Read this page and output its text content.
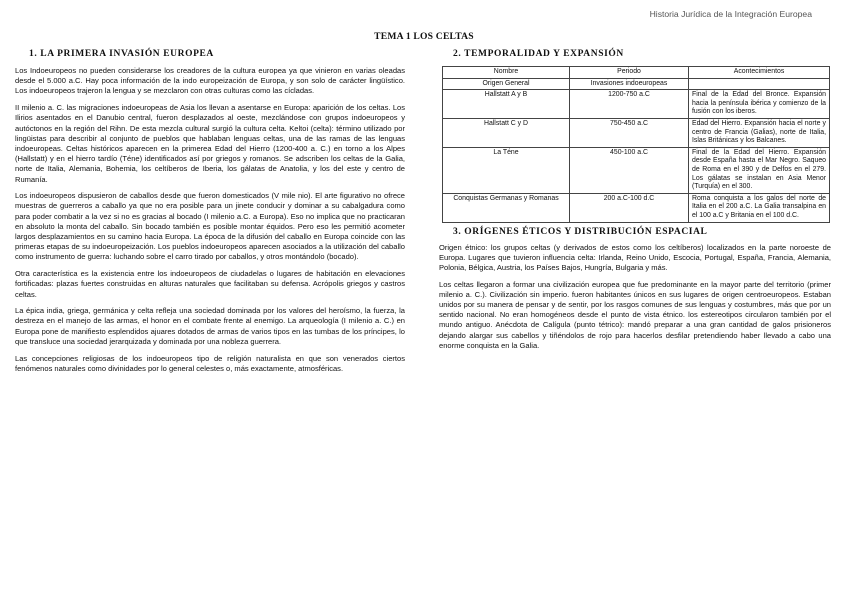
Historia Jurídica de la Integración Europea
TEMA 1 LOS CELTAS
1. LA PRIMERA INVASIÓN EUROPEA

Los Indoeuropeos no pueden considerarse los creadores de la cultura europea ya que vinieron en varias oleadas desde el 5.000 a.C. Hay poca información de la indo europeización de Europa, y son solo de carácter lingüístico. Los indoeuropeos trajeron la lengua y se mezclaron con otras culturas como las cícladas.

II milenio a. C. las migraciones indoeuropeas de Asia los llevan a asentarse en Europa: aparición de los celtas. Los Ilirios asentados en el Danubio central, fueron desplazados al oeste, mezclándose con grupos indoeuropeos y autóctonos en la región del Rihn. De esta mezcla cultural surgió la cultura celta. Keltoi (celta): término utilizado por lingüistas para describir al conjunto de pueblos que hablaban lenguas celtas, una de las ramas de las lenguas indoeuropeas. Celtas históricos aparecen en la primerea Edad del Hierro (1200-400 a. C.) en torno a los Alpes (Hallstatt) y en el hierro tardío (Téne) identificados así por griegos y romanos. Se adscriben los celtas de la Galia, norte de Italia, Alemania, Bohemia, los celtíberos de Iberia, los gálatas de Anatolia, y los del este y centro de Rumanía.

Los indoeuropeos dispusieron de caballos desde que fueron domesticados (V mile nio). El arte figurativo no ofrece muestras de guerreros a caballo ya que no era posible para un jinete conducir y dominar a su cabalgadura como para poder combatir a la vez si no es gracias al bocado (I milenio a.C. a Europa). Eso no implica que no practicaran en absoluto la monta del caballo. Sin bocado también es posible montar équidos. Pero eso les permitió acometer largos desplazamientos en su camino hacia Europa. La época de la difusión del caballo en Europa coincide con las primeras etapas de su indoeuropeización. Los pueblos indoeuropeos aparecen asociados a la utilización del caballo como instrumento de guerra: luchando sobre el carro tirado por caballos, y otros montándolo (bocado).

Otra característica es la existencia entre los indoeuropeos de ciudadelas o lugares de habitación en elevaciones fortificadas: plazas fuertes construidas en alturas naturales que facilitaban su defensa. Acrópolis griegos y castros celtas.

La épica india, griega, germánica y celta refleja una sociedad dominada por los valores del heroísmo, la fuerza, la destreza en el manejo de las armas, el honor en el combate frente al enemigo. La arqueología (I milenio a. C.) en Europa pone de manifiesto esplendidos ajuares dotados de armas de varios tipos en las tumbas de los príncipes, lo que transluce una sociedad jerarquizada y dominada por una nobleza guerrera.

Las concepciones religiosas de los indoeuropeos tipo de religión naturalista en que son venerados ciertos fenómenos naturales como divinidades por lo general celestes o, más exactamente, atmosféricas.

2. TEMPORALIDAD Y EXPANSIÓN
Nombre	Periodo	Acontecimientos
Origen General	Invasiones indoeuropeas	
Hallstatt A y B	1200-750 a.C	Final de la Edad del Bronce. Expansión hacia la península ibérica y comienzo de la fusión con los iberos.
Hallstatt C y D	750-450 a.C	Edad del Hierro. Expansión hacia el norte y centro de Francia (Galias), norte de Italia, Islas Británicas y los Balcanes.
La Téne	450-100 a.C	Final de la Edad del Hierro. Expansión desde España hasta el Mar Negro. Saqueo de Roma en el 390 y de Delfos en el 279. Los gálatas se instalan en Asia Menor (Turquía) en el 300.
Conquistas Germanas y Romanas	200 a.C-100 d.C	Roma conquista a los galos del norte de Italia en el 200 a.C. La Galia transalpina en el 100 a.C y Britania en el 100 d.C.
3. ORÍGENES ÉTICOS Y DISTRIBUCIÓN ESPACIAL

Origen étnico: los grupos celtas (y derivados de estos como los celtíberos) localizados en la parte noroeste de Europa. Lugares que tuvieron influencia celta: Irlanda, Reino Unido, Escocia, Portugal, España, Francia, Alemania, Polonia, Bélgica, Austria, los Países Bajos, Hungría, Bulgaria y más.

Los celtas llegaron a formar una civilización europea que fue predominante en la mayor parte del territorio (primer milenio a. C.). Civilización sin imperio. fueron habitantes únicos en sus lugares de origen centroeuropeos. Estaban unidos por su manera de pensar y de sentir, por los rasgos comunes de sus lenguas y costumbres, más que por un sentido nacional. No eran homogéneos desde el punto de vista étnico. los estereotipos circularon también por el mundo antiguo. Anécdota de Calígula (punto tétrico): mandó preparar a una gran cantidad de galos prisioneros dejando alargar sus cabellos y tiñéndolos de rojo para hacerlos desfilar pretendiendo haber llevado a cabo una enorme conquista en la Galia.
